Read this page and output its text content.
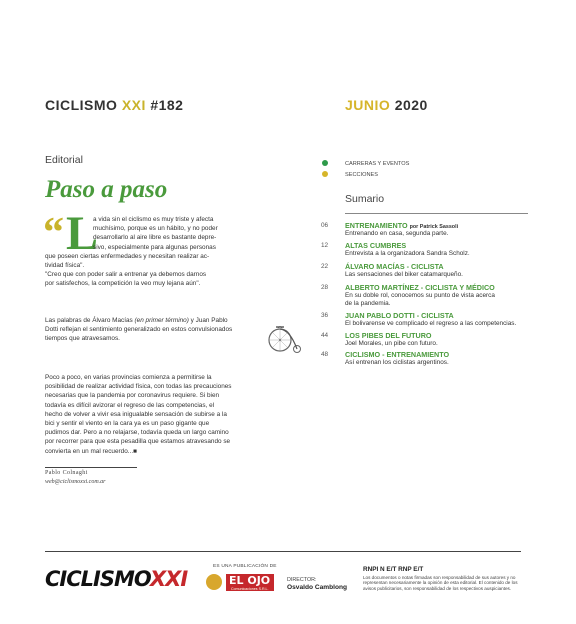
CICLISMO XXI #182	JUNIO 2020
Editorial
Paso a paso
“ L
a vida sin el ciclismo es muy triste y afecta
muchísimo, porque es un hábito, y no poder
desarrollarlo al aire libre es bastante depre-
sivo, especialmente para algunas personas
que poseen ciertas enfermedades y necesitan realizar ac-
tividad física".
"Creo que con poder salir a entrenar ya debemos darnos
por satisfechos, la competición la veo muy lejana aún".
Las palabras de Álvaro Macías (en primer término) y Juan Pablo Dotti reflejan el sentimiento generalizado en estos convulsionados tiempos que atravesamos.
Poco a poco, en varias provincias comienza a permitirse la posibilidad de realizar actividad física, con todas las precauciones necesarias que la pandemia por coronavirus requiere. Si bien todavía es difícil avizorar el regreso de las competencias, el hecho de volver a vivir esa inigualable sensación de subirse a la bici y sentir el viento en la cara ya es un paso gigante que pudimos dar. Pero a no relajarse, todavía queda un largo camino por recorrer para que esta pesadilla que estamos atravesando se convierta en un mal recuerdo...■
Pablo Colnaghi
web@ciclismoxxi.com.ar
CARRERAS Y EVENTOS
SECCIONES
Sumario
06 ENTRENAMIENTO por Patrick Sassoli
Entrenando en casa, segunda parte.
12 ALTAS CUMBRES
Entrevista a la organizadora Sandra Scholz.
22 ÁLVARO MACÍAS - CICLISTA
Las sensaciones del biker catamarqueño.
28 ALBERTO MARTÍNEZ - CICLISTA Y MÉDICO
En su doble rol, conocemos su punto de vista acerca de la pandemia.
36 JUAN PABLO DOTTI - CICLISTA
El bolivarense ve complicado el regreso a las competencias.
44 LOS PIBES DEL FUTURO
Joel Morales, un pibe con futuro.
48 CICLISMO - ENTRENAMIENTO
Así entrenan los ciclistas argentinos.
CICLISMOXXI
ES UNA PUBLICACIÓN DE
EL OJO
Comunicaciones S.R.L.
DIRECTOR:
Osvaldo Camblong
RNPI N E/T RNP E/T
Los documentos o notas firmadas son responsabilidad de sus autores y no representan necesariamente la opinión de esta editorial. El contenido de los avisos publicitarios, son responsabilidad de los respectivos auspiciantes.
